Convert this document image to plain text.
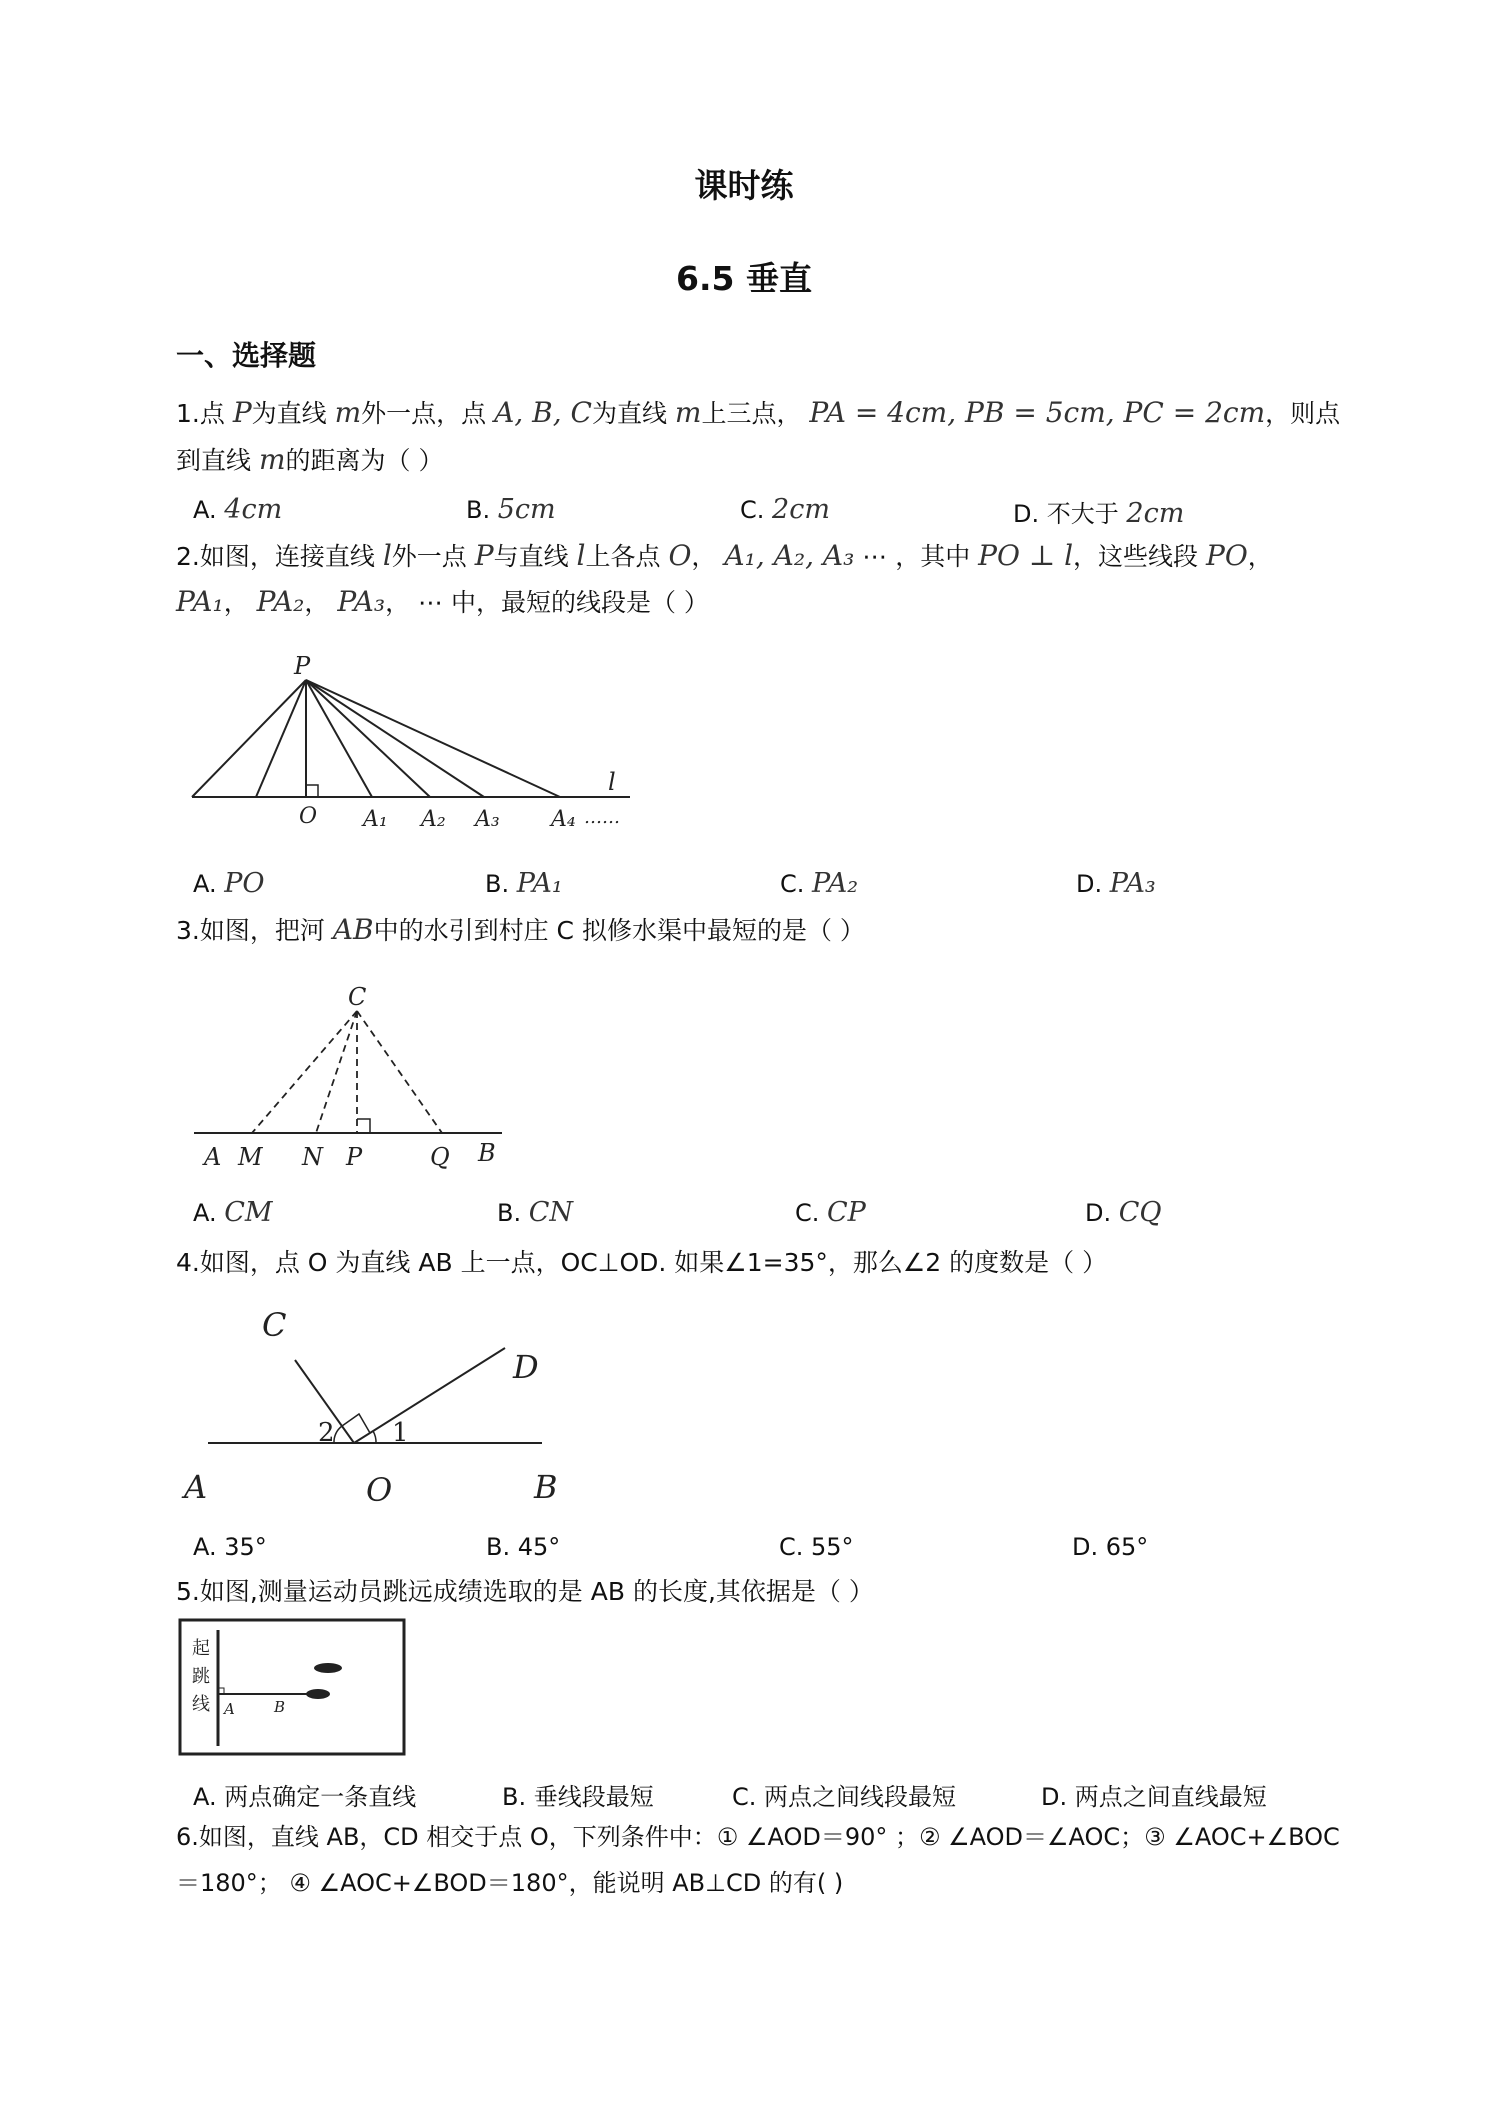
课时练
6.5 垂直
一、选择题
1.点 P为直线 m外一点，点 A, B, C为直线 m上三点， PA = 4cm, PB = 5cm, PC = 2cm，则点
到直线 m的距离为（ ）
A. 4cm	B. 5cm	C. 2cm	D. 不大于 2cm
2.如图，连接直线 l外一点 P与直线 l上各点 O， A₁, A₂, A₃ ⋯ ，其中 PO ⊥ l，这些线段 PO，
PA₁， PA₂， PA₃， ⋯ 中，最短的线段是（ ）
P
O A₁ A₂ A₃ A₄
l
……
A. PO	B. PA₁	C. PA₂	D. PA₃
3.如图，把河 AB中的水引到村庄 C 拟修水渠中最短的是（ ）
C
A M N P	Q B
A. CM	B. CN	C. CP	D. CQ
4.如图，点 O 为直线 AB 上一点，OC⊥OD. 如果∠1=35°，那么∠2 的度数是（ ）
C
D
A	O	B
1
2
A. 35°	B. 45°	C. 55°	D. 65°
5.如图,测量运动员跳远成绩选取的是 AB 的长度,其依据是（ ）
起
跳
线 A	B
A. 两点确定一条直线	B. 垂线段最短	C. 两点之间线段最短	D. 两点之间直线最短
6.如图，直线 AB，CD 相交于点 O，下列条件中：① ∠AOD＝90° ；② ∠AOD＝∠AOC；③ ∠AOC+∠BOC
＝180°； ④ ∠AOC+∠BOD＝180°，能说明 AB⊥CD 的有( )
